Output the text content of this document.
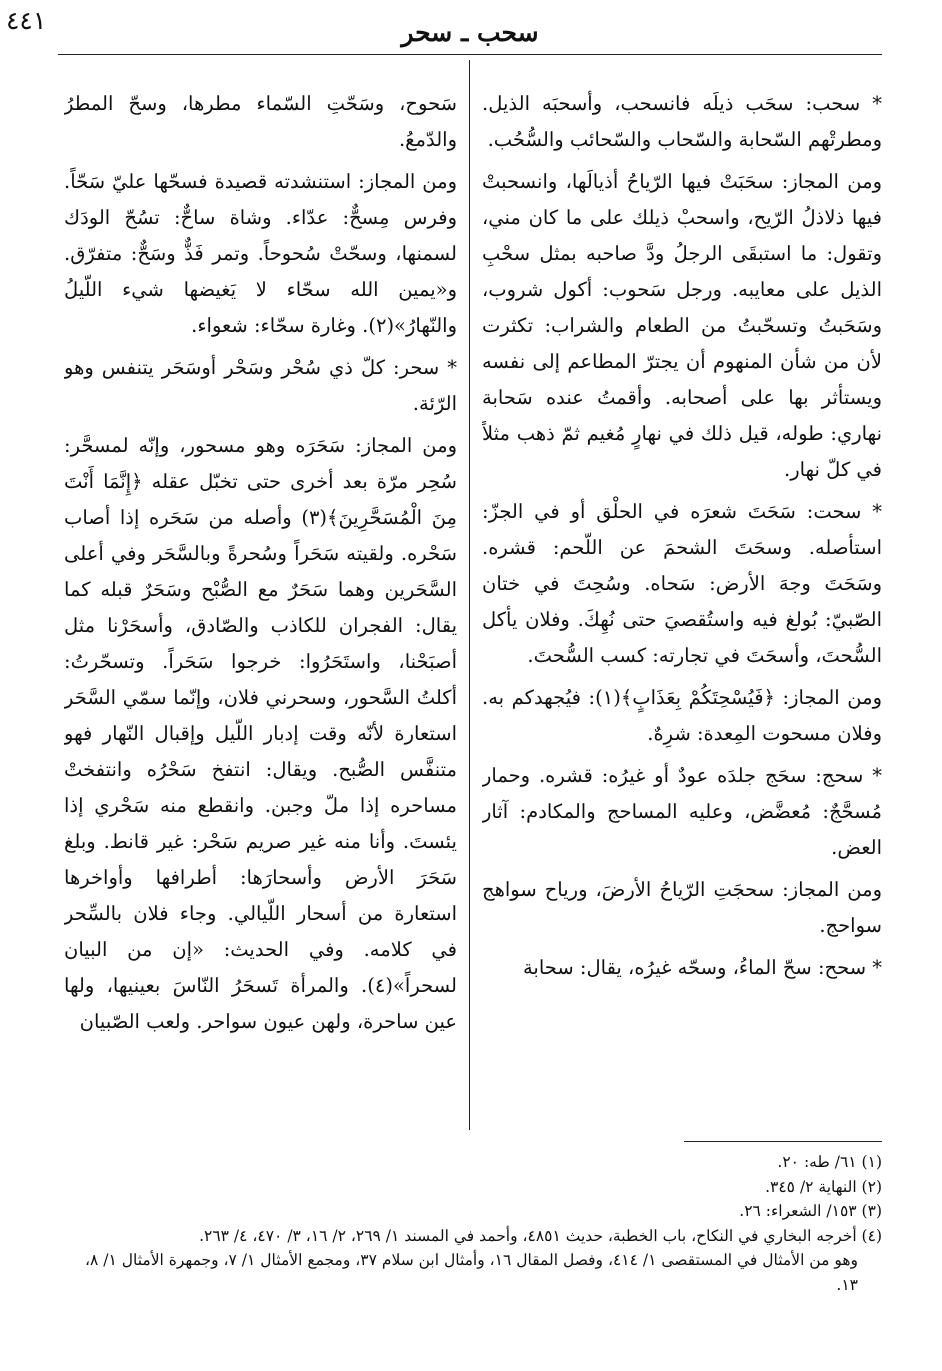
سحب ـ سحر
٤٤١

* سحب: سحَب ذيلَه فانسحب، وأسحبَه الذيل. ومطرتْهم السّحابة والسّحاب والسّحائب والسُّحُب.

ومن المجاز: سحَبَتْ فيها الرّياحُ أذيالَها، وانسحبتْ فيها ذلاذلُ الرّيح، واسحبْ ذيلك على ما كان مني، وتقول: ما استبقَى الرجلُ ودَّ صاحبه بمثل سحْبِ الذيل على معايبه. ورجل سَحوب: أكول شروب، وسَحَبتُ وتسحّبتُ من الطعام والشراب: تكثرت لأن من شأن المنهوم أن يجترّ المطاعم إلى نفسه ويستأثر بها على أصحابه. وأقمتُ عنده سَحابة نهاري: طوله، قيل ذلك في نهارٍ مُغيم ثمّ ذهب مثلاً في كلّ نهار.

* سحت: سَحَتَ شعرَه في الحلْق أو في الجزّ: استأصله. وسحَتَ الشحمَ عن اللّحم: قشره. وسَحَتَ وجهَ الأرض: سَحاه. وسُحِتَ في ختان الصّبيّ: بُولغ فيه واستُقصيَ حتى نُهِكَ. وفلان يأكل السُّحتَ، وأسحَتَ في تجارته: كسب السُّحتَ.

ومن المجاز: ﴿فَيُسْحِتَكُمْ بِعَذَابٍ﴾(١): فيُجهدكم به. وفلان مسحوت المِعدة: شرِهٌ.

* سحج: سحَج جلدَه عودٌ أو غيرُه: قشره. وحمار مُسحَّجٌ: مُعضَّض، وعليه المساحج والمكادم: آثار العض.

ومن المجاز: سحجَتِ الرّياحُ الأرضَ، ورياح سواهج سواحج.

* سحح: سحّ الماءُ، وسحّه غيرُه، يقال: سحابة

سَحوح، وسَحّتِ السّماء مطرها، وسحّ المطرُ والدّمعُ.

ومن المجاز: استنشدته قصيدة فسحّها عليّ سَحّاً. وفرس مِسحٌّ: عدّاء. وشاة ساحٌّ: تسُحّ الودَك لسمنها، وسحّتْ سُحوحاً. وتمر فَذٌّ وسَحٌّ: متفرّق. و«يمين الله سحّاء لا يَغيضها شيء اللّيلُ والنّهارُ»(٢). وغارة سحّاء: شعواء.

* سحر: كلّ ذي سُحْر وسَحْر أوسَحَر يتنفس وهو الرّئة.

ومن المجاز: سَحَرَه وهو مسحور، وإنّه لمسحَّر: سُحِر مرّة بعد أخرى حتى تخبّل عقله ﴿إِنَّمَا أَنْتَ مِنَ الْمُسَحَّرِينَ﴾(٣) وأصله من سَحَره إذا أصاب سَحْره. ولقيته سَحَراً وسُحرةً وبالسَّحَر وفي أعلى السَّحَرين وهما سَحَرٌ مع الصُّبْح وسَحَرٌ قبله كما يقال: الفجران للكاذب والصّادق، وأسحَرْنا مثل أصبَحْنا، واستَحَرُوا: خرجوا سَحَراً. وتسحّرتُ: أكلتُ السَّحور، وسحرني فلان، وإنّما سمّي السَّحَر استعارة لأنّه وقت إدبار اللّيل وإقبال النّهار فهو متنفَّس الصُّبح. ويقال: انتفخ سَحْرُه وانتفختْ مساحره إذا ملّ وجبن. وانقطع منه سَحْري إذا يئستَ. وأنا منه غير صريم سَحْر: غير قانط. وبلغ سَحَرَ الأرض وأسحارَها: أطرافها وأواخرها استعارة من أسحار اللّيالي. وجاء فلان بالسِّحر في كلامه. وفي الحديث: «إن من البيان لسحراً»(٤). والمرأة تَسحَرُ النّاسَ بعينيها، ولها عين ساحرة، ولهن عيون سواحر. ولعب الصّبيان

(١) ٦١/ طه: ٢٠.

(٢) النهاية ٢/ ٣٤٥.

(٣) ١٥٣/ الشعراء: ٢٦.

(٤) أخرجه البخاري في النكاح، باب الخطبة، حديث ٤٨٥١، وأحمد في المسند ١/ ٢٦٩، ٢/ ١٦، ٣/ ٤٧٠، ٤/ ٢٦٣.

وهو من الأمثال في المستقصى ١/ ٤١٤، وفصل المقال ١٦، وأمثال ابن سلام ٣٧، ومجمع الأمثال ١/ ٧، وجمهرة الأمثال ١/ ٨، ١٣.
